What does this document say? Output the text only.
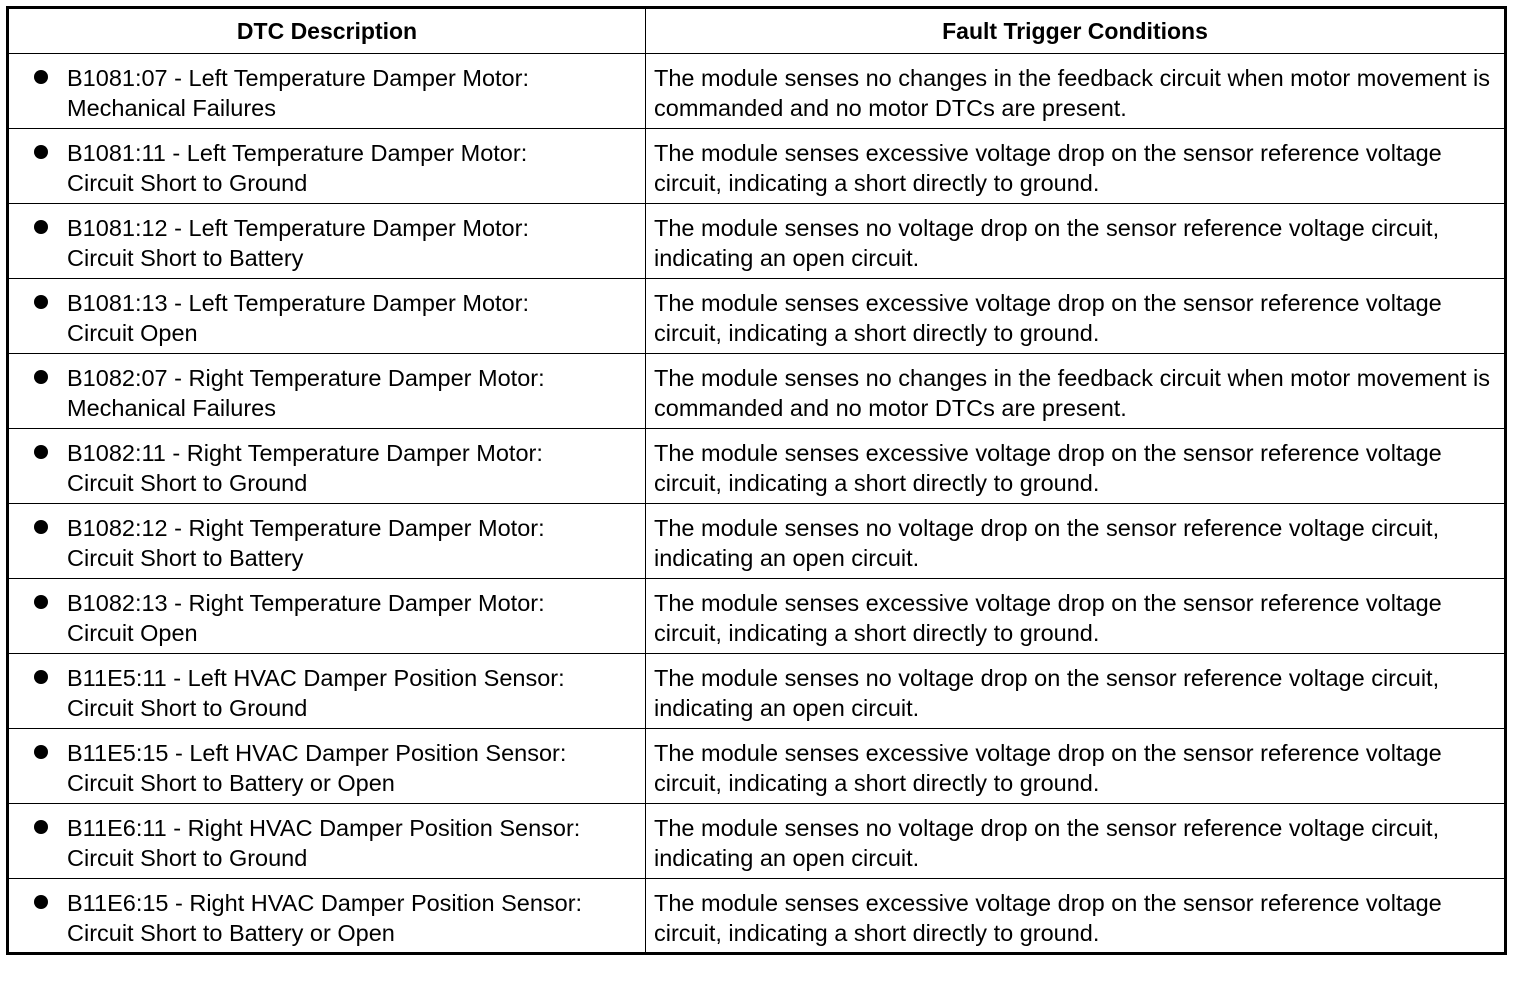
DTC Description	Fault Trigger Conditions

B1081:07 - Left Temperature Damper Motor:
Mechanical Failures	The module senses no changes in the feedback circuit when motor movement is commanded and no motor DTCs are present.

B1081:11 - Left Temperature Damper Motor:
Circuit Short to Ground	The module senses excessive voltage drop on the sensor reference voltage circuit, indicating a short directly to ground.

B1081:12 - Left Temperature Damper Motor:
Circuit Short to Battery	The module senses no voltage drop on the sensor reference voltage circuit, indicating an open circuit.

B1081:13 - Left Temperature Damper Motor:
Circuit Open	The module senses excessive voltage drop on the sensor reference voltage circuit, indicating a short directly to ground.

B1082:07 - Right Temperature Damper Motor:
Mechanical Failures	The module senses no changes in the feedback circuit when motor movement is commanded and no motor DTCs are present.

B1082:11 - Right Temperature Damper Motor:
Circuit Short to Ground	The module senses excessive voltage drop on the sensor reference voltage circuit, indicating a short directly to ground.

B1082:12 - Right Temperature Damper Motor:
Circuit Short to Battery	The module senses no voltage drop on the sensor reference voltage circuit, indicating an open circuit.

B1082:13 - Right Temperature Damper Motor:
Circuit Open	The module senses excessive voltage drop on the sensor reference voltage circuit, indicating a short directly to ground.

B11E5:11 - Left HVAC Damper Position Sensor:
Circuit Short to Ground	The module senses no voltage drop on the sensor reference voltage circuit, indicating an open circuit.

B11E5:15 - Left HVAC Damper Position Sensor:
Circuit Short to Battery or Open	The module senses excessive voltage drop on the sensor reference voltage circuit, indicating a short directly to ground.

B11E6:11 - Right HVAC Damper Position Sensor:
Circuit Short to Ground	The module senses no voltage drop on the sensor reference voltage circuit, indicating an open circuit.

B11E6:15 - Right HVAC Damper Position Sensor:
Circuit Short to Battery or Open	The module senses excessive voltage drop on the sensor reference voltage circuit, indicating a short directly to ground.
